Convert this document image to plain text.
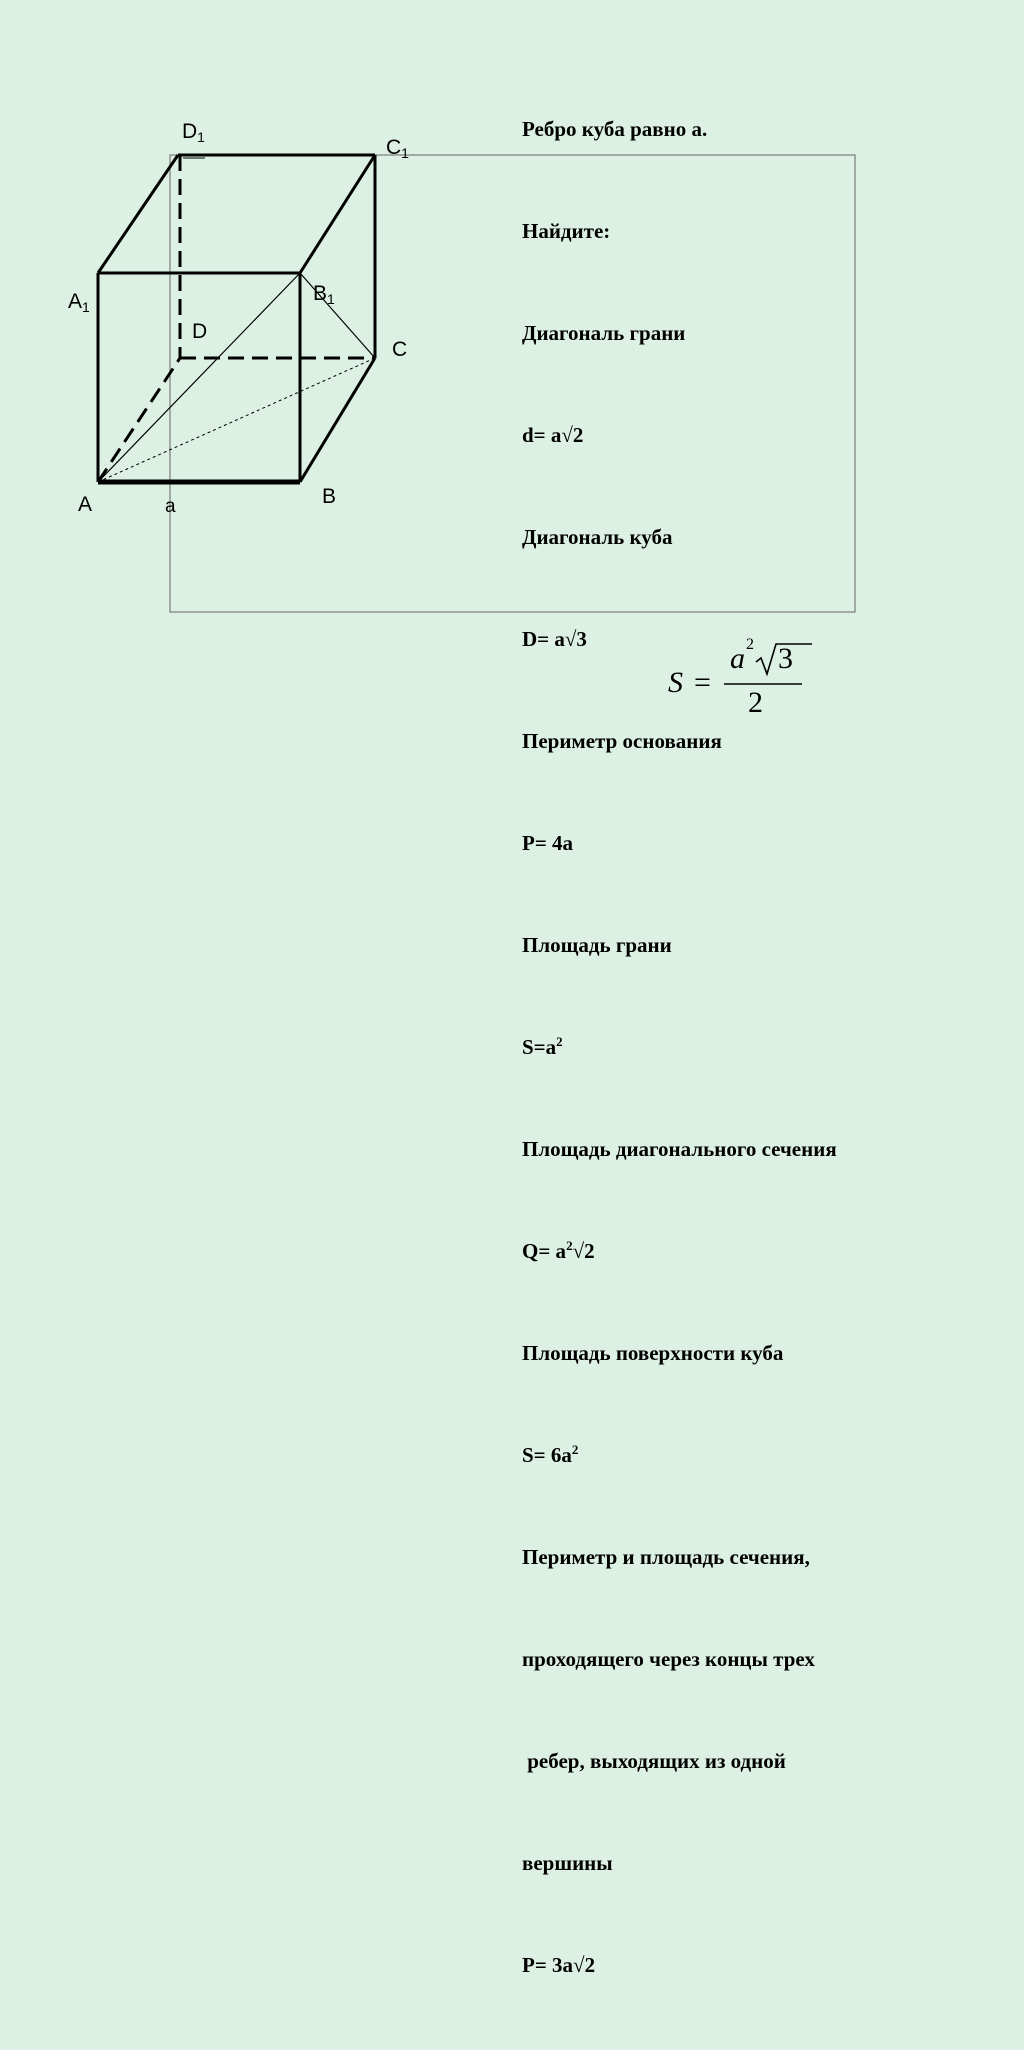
$D_1$	$C_1$
$A_1$
$B_1$
D
C
A	B
a

Ребро куба равно а.

Найдите:

Диагональ грани

d= а√2

Диагональ куба

D= а√3

Периметр основания

Р= 4а

Площадь грани

$S=а^2$

Площадь диагонального сечения

$Q= а^2√2$

Площадь поверхности куба

$S= 6а^2$

Периметр и площадь сечения,

проходящего через концы трех

ребер, выходящих из одной

вершины

Р= 3а√2

S =
a 2 3
2
